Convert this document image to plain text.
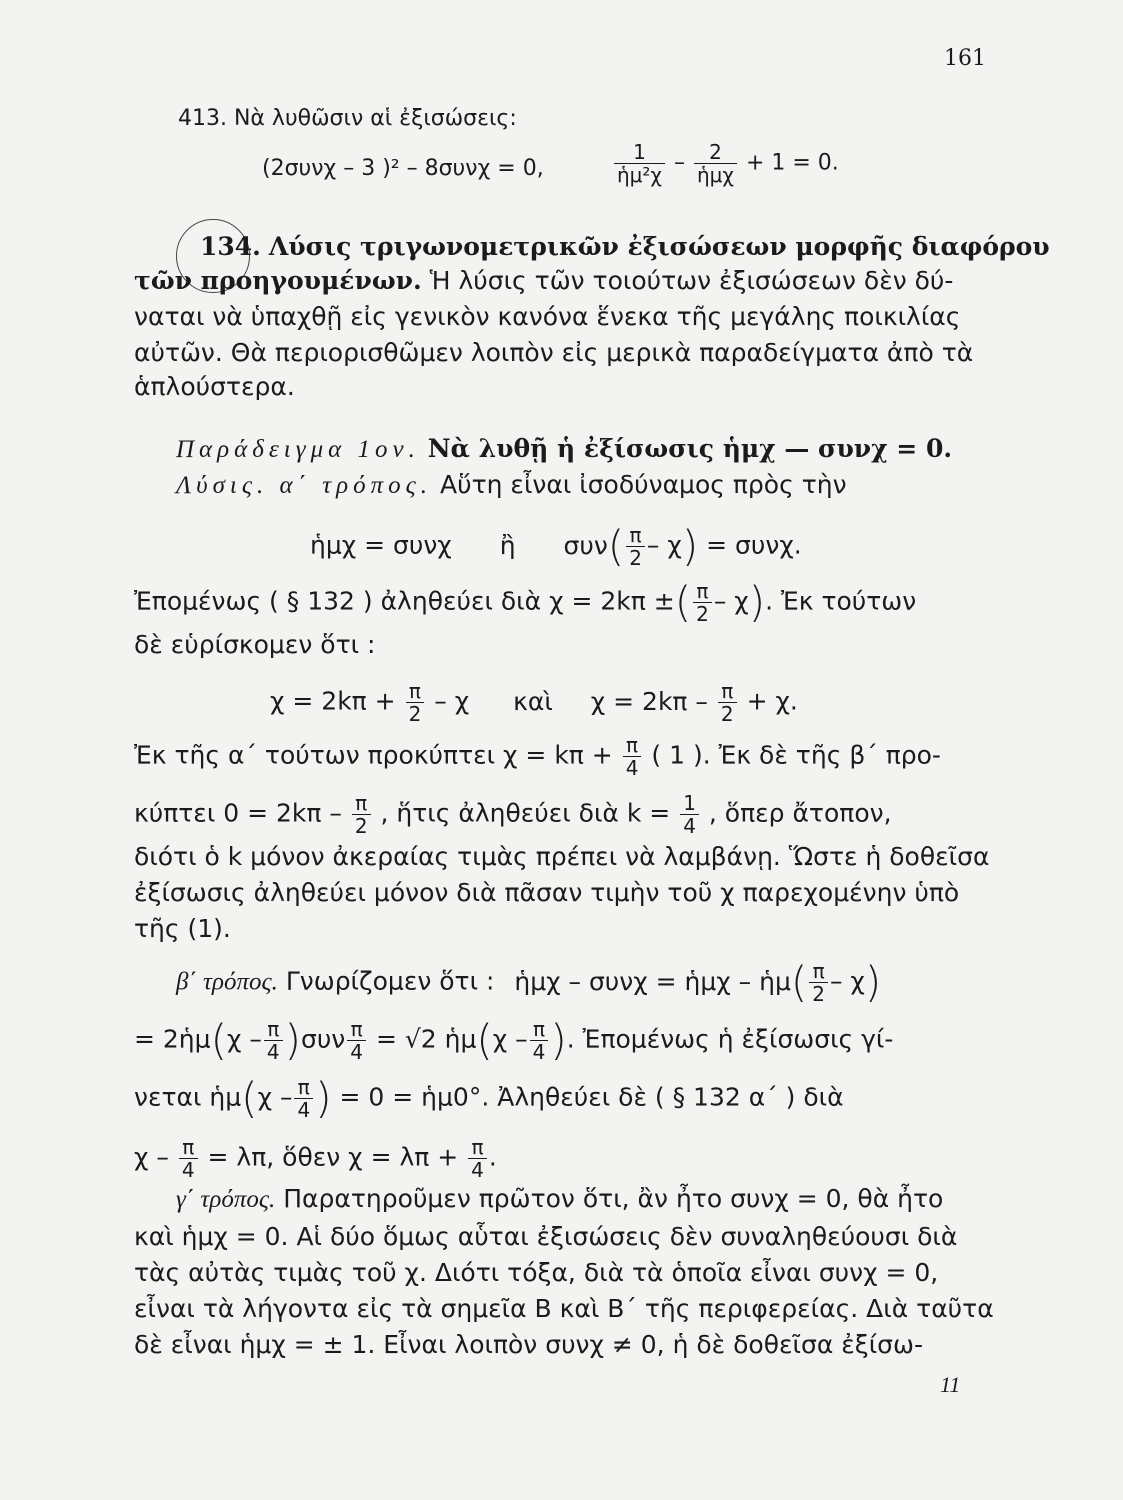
161
413. Νὰ λυθῶσιν αἱ ἐξισώσεις:
(2συνχ – 3 )² – 8συνχ = 0,	$\frac{1}{\text{ἡμ²χ}} - \frac{2}{\text{ἡμχ}} + 1 = 0$.
134. Λύσις τριγωνομετρικῶν ἐξισώσεων μορφῆς διαφόρου
τῶν προηγουμένων. Ἡ λύσις τῶν τοιούτων ἐξισώσεων δὲν δύ-
ναται νὰ ὑπαχθῇ εἰς γενικὸν κανόνα ἕνεκα τῆς μεγάλης ποικιλίας
αὐτῶν. Θὰ περιορισθῶμεν λοιπὸν εἰς μερικὰ παραδείγματα ἀπὸ τὰ
ἁπλούστερα.
Παράδειγμα 1ον. Νὰ λυθῇ ἡ ἐξίσωσις ἡμχ — συνχ = 0.
Λύσις. α΄ τρόπος. Αὕτη εἶναι ἰσοδύναμος πρὸς τὴν
ἡμχ = συνχ ἢ $\sigma\upsilon\nu( \frac{\pi}{2} - \chi) = \sigma\upsilon\nu\chi$.
Ἐπομένως ( § 132 ) ἀληθεύει διὰ χ = 2kπ ±( $\frac{\pi}{2} - \chi$). Ἐκ τούτων
δὲ εὑρίσκομεν ὅτι :
$\chi = 2k\pi + \frac{\pi}{2} - \chi$ καὶ $\chi = 2k\pi - \frac{\pi}{2} + \chi$.
Ἐκ τῆς α΄ τούτων προκύπτει $\chi = k\pi + \frac{\pi}{4}$ ( 1 ). Ἐκ δὲ τῆς β΄ προ-
κύπτει $0 = 2k\pi - \frac{\pi}{2}$ , ἥτις ἀληθεύει διὰ $k = \frac{1}{4}$ , ὅπερ ἄτοπον,
διότι ὁ k μόνον ἀκεραίας τιμὰς πρέπει νὰ λαμβάνῃ. Ὥστε ἡ δοθεῖσα
ἐξίσωσις ἀληθεύει μόνον διὰ πᾶσαν τιμὴν τοῦ χ παρεχομένην ὑπὸ
τῆς (1).
β΄ τρόπος. Γνωρίζομεν ὅτι : ἡμχ – συνχ = ἡμχ – ἡμ( $\frac{\pi}{2} - \chi$)
= 2ἡμ(χ – $\frac{\pi}{4} )\sigma\upsilon\nu \frac{\pi}{4} = √2$ ἡμ(χ – $\frac{\pi}{4}$ ). Ἐπομένως ἡ ἐξίσωσις γί-
νεται ἡμ(χ – $\frac{\pi}{4}$ ) = 0 = ἡμ0°. Ἀληθεύει δὲ ( § 132 α΄ ) διὰ
$\chi - \frac{\pi}{4} = \lambda\pi$, ὅθεν $\chi = \lambda\pi + \frac{\pi}{4}$ .
γ΄ τρόπος. Παρατηροῦμεν πρῶτον ὅτι, ἂν ἦτο συνχ = 0, θὰ ἦτο
καὶ ἡμχ = 0. Αἱ δύο ὅμως αὗται ἐξισώσεις δὲν συναληθεύουσι διὰ
τὰς αὐτὰς τιμὰς τοῦ χ. Διότι τόξα, διὰ τὰ ὁποῖα εἶναι συνχ = 0,
εἶναι τὰ λήγοντα εἰς τὰ σημεῖα Β καὶ Β΄ τῆς περιφερείας. Διὰ ταῦτα
δὲ εἶναι ἡμχ = ± 1. Εἶναι λοιπὸν συνχ ≠ 0, ἡ δὲ δοθεῖσα ἐξίσω-
11
